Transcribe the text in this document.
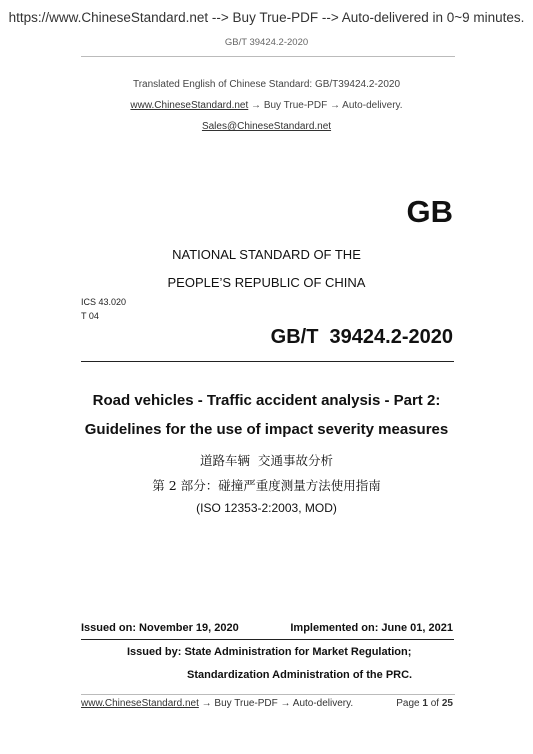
https://www.ChineseStandard.net --> Buy True-PDF --> Auto-delivered in 0~9 minutes.
GB/T 39424.2-2020
Translated English of Chinese Standard: GB/T39424.2-2020
www.ChineseStandard.net → Buy True-PDF → Auto-delivery.
Sales@ChineseStandard.net
GB
NATIONAL STANDARD OF THE
PEOPLE’S REPUBLIC OF CHINA
ICS 43.020
T 04
GB/T  39424.2-2020
Road vehicles - Traffic accident analysis - Part 2:
Guidelines for the use of impact severity measures
道路车辆  交通事故分析
第 2 部分：碰撞严重度测量方法使用指南
(ISO 12353-2:2003, MOD)
Issued on: November 19, 2020	Implemented on: June 01, 2021
Issued by: State Administration for Market Regulation;
Standardization Administration of the PRC.
www.ChineseStandard.net → Buy True-PDF → Auto-delivery.	Page 1 of 25
